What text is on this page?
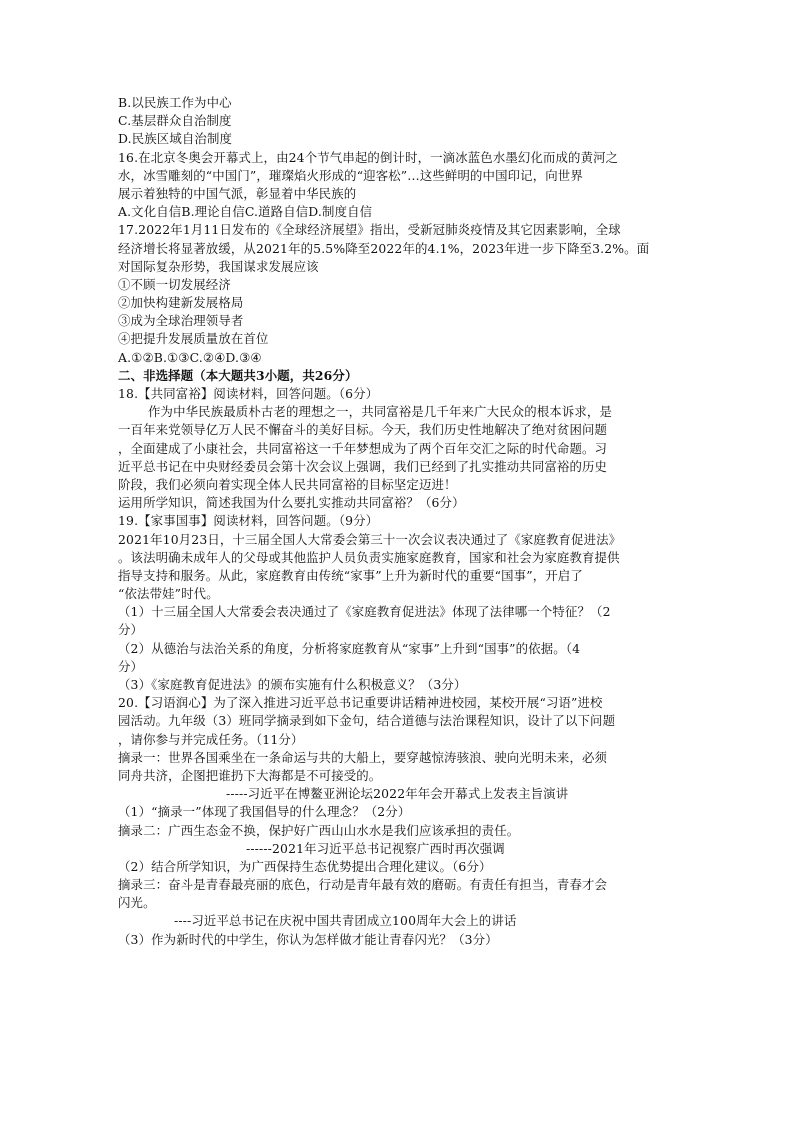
B.以民族工作为中心
C.基层群众自治制度
D.民族区域自治制度
16.在北京冬奥会开幕式上，由24个节气串起的倒计时，一滴冰蓝色水墨幻化而成的黄河之
水，冰雪雕刻的“中国门”，璀璨焰火形成的“迎客松”…这些鲜明的中国印记，向世界
展示着独特的中国气派，彰显着中华民族的
A.文化自信B.理论自信C.道路自信D.制度自信
17.2022年1月11日发布的《全球经济展望》指出，受新冠肺炎疫情及其它因素影响，全球
经济增长将显著放缓，从2021年的5.5%降至2022年的4.1%，2023年进一步下降至3.2%。面
对国际复杂形势，我国谋求发展应该
①不顾一切发展经济
②加快构建新发展格局
③成为全球治理领导者
④把提升发展质量放在首位
A.①②B.①③C.②④D.③④
二、非选择题（本大题共3小题，共26分）
18.【共同富裕】阅读材料，回答问题。（6分）
作为中华民族最质朴古老的理想之一，共同富裕是几千年来广大民众的根本诉求，是
一百年来党领导亿万人民不懈奋斗的美好目标。今天，我们历史性地解决了绝对贫困问题
，全面建成了小康社会，共同富裕这一千年梦想成为了两个百年交汇之际的时代命题。习
近平总书记在中央财经委员会第十次会议上强调，我们已经到了扎实推动共同富裕的历史
阶段，我们必须向着实现全体人民共同富裕的目标坚定迈进！
运用所学知识，简述我国为什么要扎实推动共同富裕？（6分）
19.【家事国事】阅读材料，回答问题。（9分）
2021年10月23日，十三届全国人大常委会第三十一次会议表决通过了《家庭教育促进法》
。该法明确未成年人的父母或其他监护人员负责实施家庭教育，国家和社会为家庭教育提供
指导支持和服务。从此，家庭教育由传统“家事”上升为新时代的重要“国事”，开启了
“依法带娃”时代。
（1）十三届全国人大常委会表决通过了《家庭教育促进法》体现了法律哪一个特征？（2
分）
（2）从德治与法治关系的角度，分析将家庭教育从“家事”上升到“国事”的依据。（4
分）
（3）《家庭教育促进法》的颁布实施有什么积极意义？（3分）
20.【习语润心】为了深入推进习近平总书记重要讲话精神进校园，某校开展“习语”进校
园活动。九年级（3）班同学摘录到如下金句，结合道德与法治课程知识，设计了以下问题
，请你参与并完成任务。（11分）
摘录一：世界各国乘坐在一条命运与共的大船上，要穿越惊涛骇浪、驶向光明未来，必须
同舟共济，企图把谁扔下大海都是不可接受的。
-----习近平在博鳌亚洲论坛2022年年会开幕式上发表主旨演讲
（1）“摘录一”体现了我国倡导的什么理念？（2分）
摘录二：广西生态金不换，保护好广西山山水水是我们应该承担的责任。
------2021年习近平总书记视察广西时再次强调
（2）结合所学知识，为广西保持生态优势提出合理化建议。（6分）
摘录三：奋斗是青春最亮丽的底色，行动是青年最有效的磨砺。有责任有担当，青春才会
闪光。
----习近平总书记在庆祝中国共青团成立100周年大会上的讲话
（3）作为新时代的中学生，你认为怎样做才能让青春闪光？（3分）
